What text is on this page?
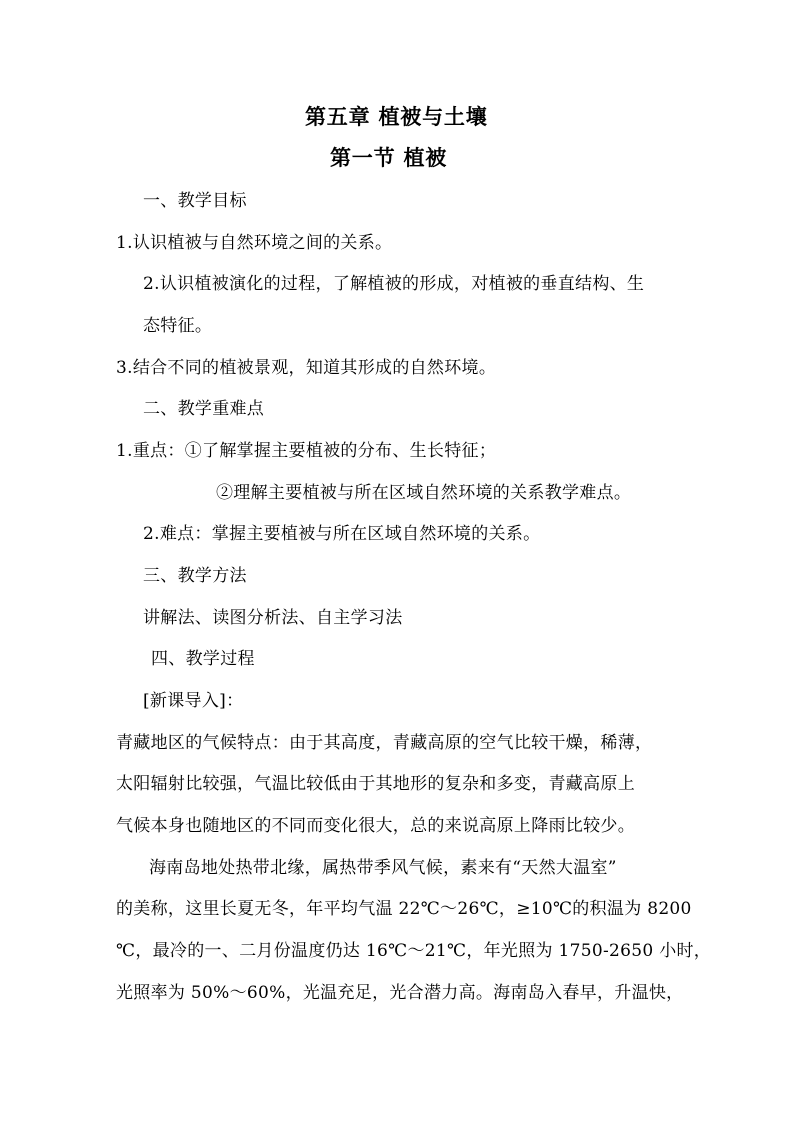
第五章 植被与土壤
第一节 植被
一、教学目标
1.认识植被与自然环境之间的关系。
2.认识植被演化的过程，了解植被的形成，对植被的垂直结构、生
态特征。
3.结合不同的植被景观，知道其形成的自然环境。
二、教学重难点
1.重点：①了解掌握主要植被的分布、生长特征；
②理解主要植被与所在区域自然环境的关系教学难点。
2.难点：掌握主要植被与所在区域自然环境的关系。
三、教学方法
讲解法、读图分析法、自主学习法
四、教学过程
[新课导入]：
青藏地区的气候特点：由于其高度，青藏高原的空气比较干燥，稀薄，
太阳辐射比较强，气温比较低由于其地形的复杂和多变，青藏高原上
气候本身也随地区的不同而变化很大，总的来说高原上降雨比较少。
海南岛地处热带北缘，属热带季风气候，素来有“天然大温室”
的美称，这里长夏无冬，年平均气温 22℃～26℃，≥10℃的积温为 8200
℃，最冷的一、二月份温度仍达 16℃～21℃，年光照为 1750-2650 小时，
光照率为 50%～60%，光温充足，光合潜力高。海南岛入春早，升温快，
